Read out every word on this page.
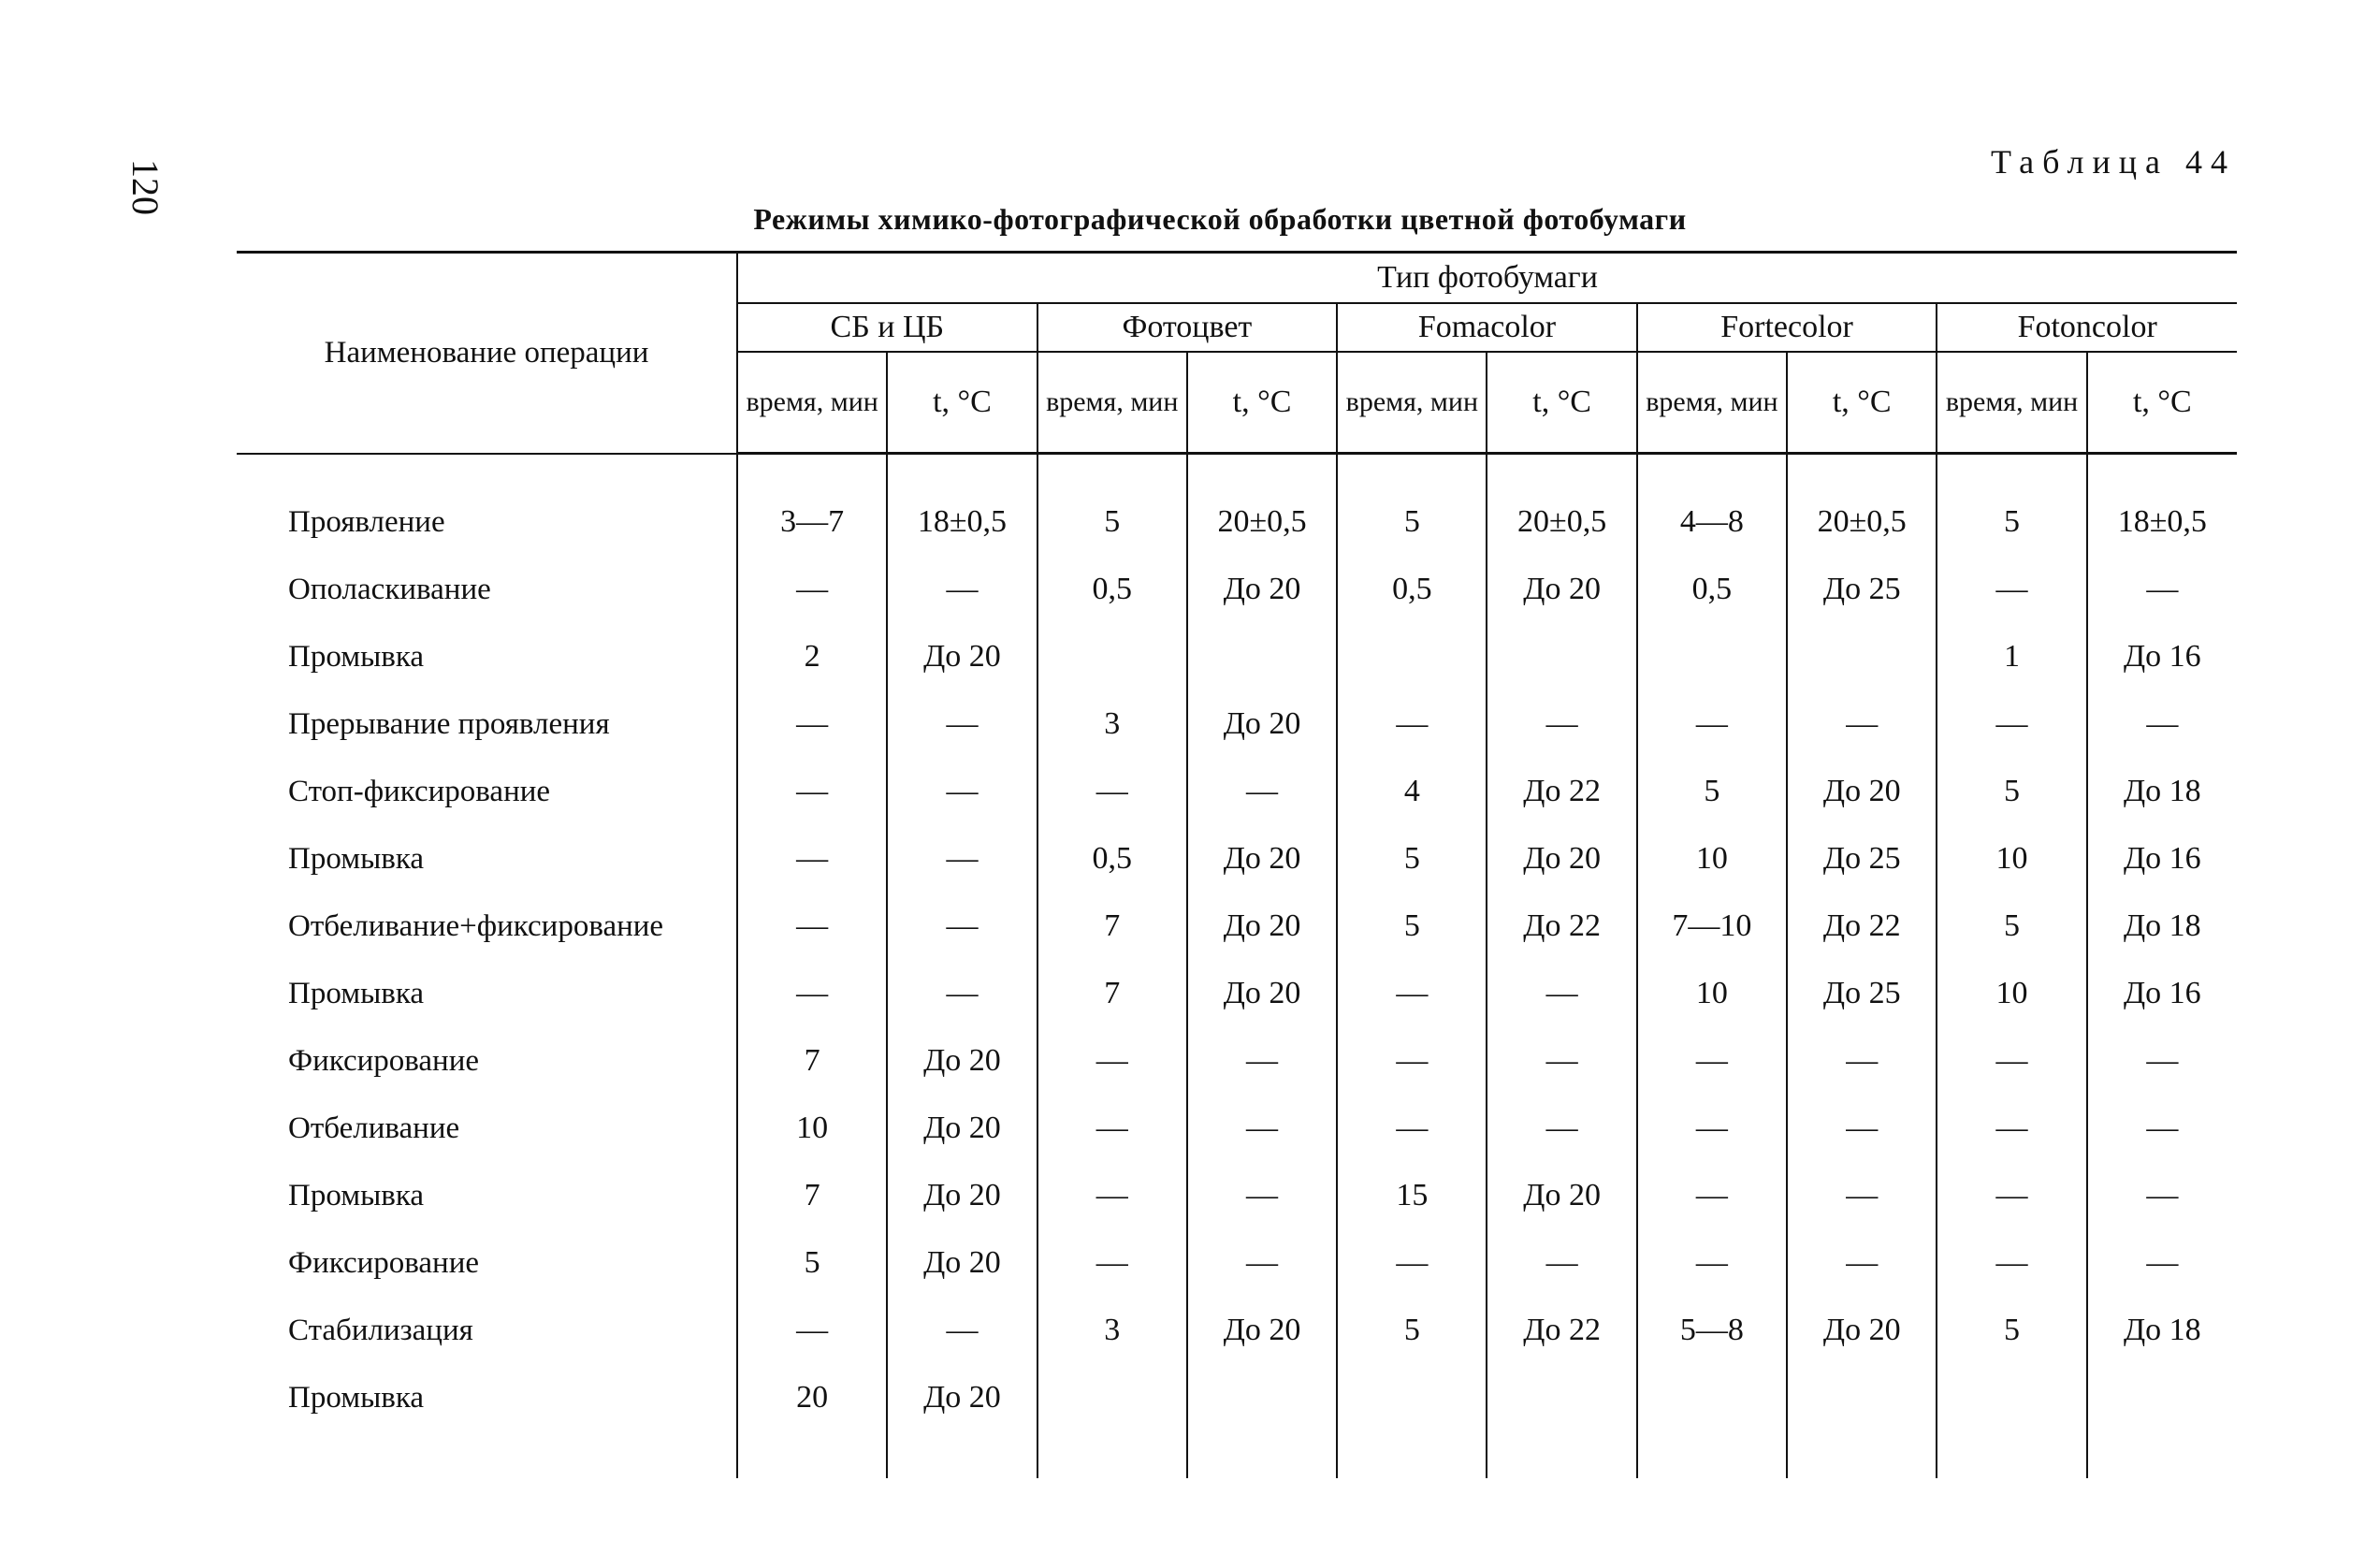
120	Таблица 44
Режимы химико-фотографической обработки цветной фотобумаги
Наименование операции	Тип фотобумаги									
	СБ и ЦБ		Фотоцвет		Fomacolor		Fortecolor		Fotoncolor	
	время, мин	t, °C	время, мин	t, °C	время, мин	t, °C	время, мин	t, °C	время, мин	t, °C

Проявление	3—7	18±0,5	5	20±0,5	5	20±0,5	4—8	20±0,5	5	18±0,5
Ополаскивание	—	—	0,5	До 20	0,5	До 20	0,5	До 25	—	—
Промывка	2	До 20							1	До 16
Прерывание проявления	—	—	3	До 20	—	—	—	—	—	—
Стоп-фиксирование	—	—	—	—	4	До 22	5	До 20	5	До 18
Промывка	—	—	0,5	До 20	5	До 20	10	До 25	10	До 16
Отбеливание+фиксирование	—	—	7	До 20	5	До 22	7—10	До 22	5	До 18
Промывка	—	—	7	До 20	—	—	10	До 25	10	До 16
Фиксирование	7	До 20	—	—	—	—	—	—	—	—
Отбеливание	10	До 20	—	—	—	—	—	—	—	—
Промывка	7	До 20	—	—	15	До 20	—	—	—	—
Фиксирование	5	До 20	—	—	—	—	—	—	—	—
Стабилизация	—	—	3	До 20	5	До 22	5—8	До 20	5	До 18
Промывка	20	До 20								
